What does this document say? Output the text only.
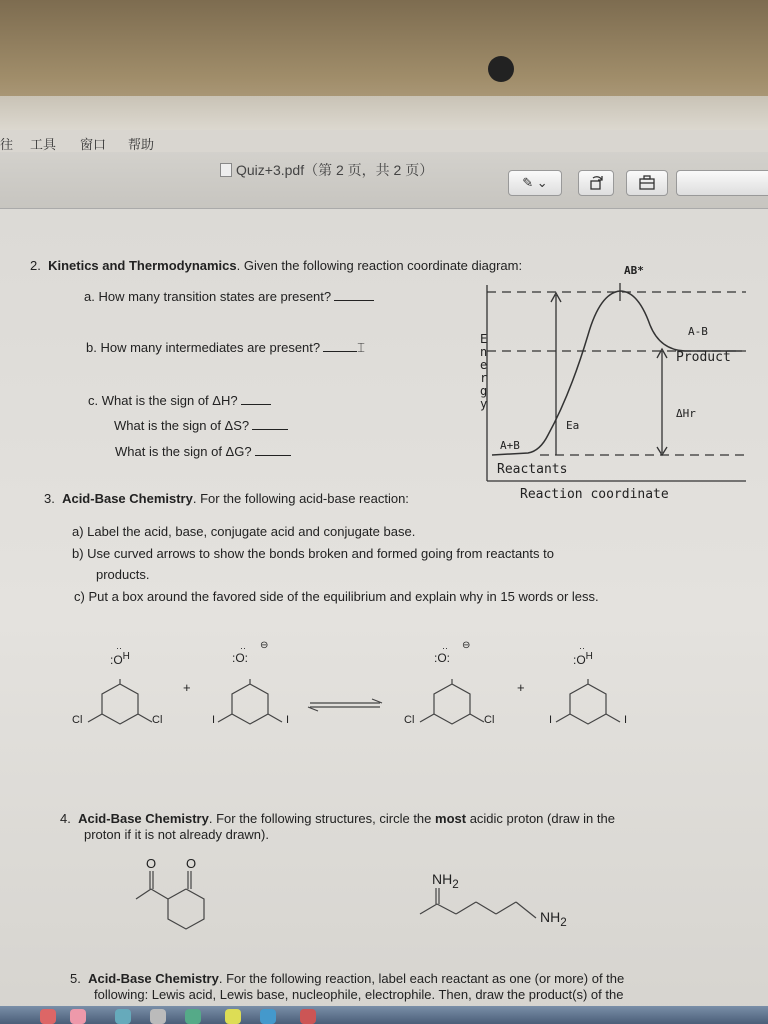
往 工具 窗口 帮助
Quiz+3.pdf（第 2 页，共 2 页）
✎ ⌄
2. Kinetics and Thermodynamics. Given the following reaction coordinate diagram:
a. How many transition states are present?
b. How many intermediates are present?	⌶
c. What is the sign of ΔH?
What is the sign of ΔS?
What is the sign of ΔG?
AB*
Energy
A-B
Product
ΔHr
Ea
A+B
Reactants
Reaction coordinate
3. Acid-Base Chemistry. For the following acid-base reaction:
a) Label the acid, base, conjugate acid and conjugate base.
b) Use curved arrows to show the bonds broken and formed going from reactants to
products.
c) Put a box around the favored side of the equilibrium and explain why in 15 words or less.
$:O^H$
··
+
:O:
·· ⊖
:O:
·· ⊖
+
$:O^H$
··
Cl	Cl	I	I	Cl	Cl	I	I
4. Acid-Base Chemistry. For the following structures, circle the most acidic proton (draw in the
proton if it is not already drawn).
O O
$NH_2$
$NH_2$
5. Acid-Base Chemistry. For the following reaction, label each reactant as one (or more) of the
following: Lewis acid, Lewis base, nucleophile, electrophile. Then, draw the product(s) of the
